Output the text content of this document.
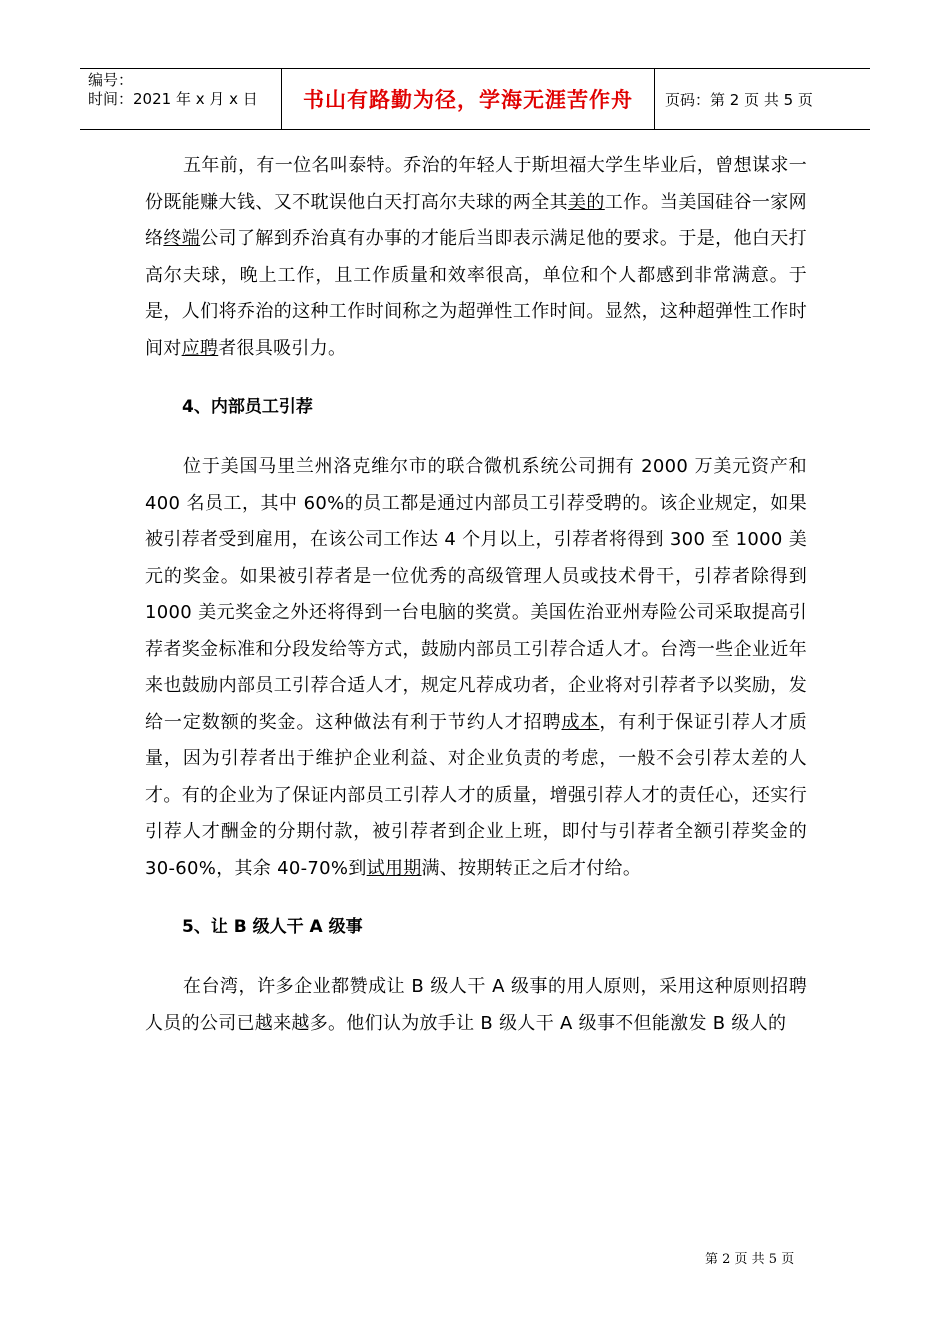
编号：
时间：2021 年 x 月 x 日	书山有路勤为径，学海无涯苦作舟	页码：第 2 页 共 5 页

五年前，有一位名叫泰特。乔治的年轻人于斯坦福大学生毕业后，曾想谋求一份既能赚大钱、又不耽误他白天打高尔夫球的两全其美的工作。当美国硅谷一家网络终端公司了解到乔治真有办事的才能后当即表示满足他的要求。于是，他白天打高尔夫球，晚上工作，且工作质量和效率很高，单位和个人都感到非常满意。于是，人们将乔治的这种工作时间称之为超弹性工作时间。显然，这种超弹性工作时间对应聘者很具吸引力。

4、内部员工引荐

位于美国马里兰州洛克维尔市的联合微机系统公司拥有 2000 万美元资产和 400 名员工，其中 60%的员工都是通过内部员工引荐受聘的。该企业规定，如果被引荐者受到雇用，在该公司工作达 4 个月以上，引荐者将得到 300 至 1000 美元的奖金。如果被引荐者是一位优秀的高级管理人员或技术骨干，引荐者除得到 1000 美元奖金之外还将得到一台电脑的奖赏。美国佐治亚州寿险公司采取提高引荐者奖金标准和分段发给等方式，鼓励内部员工引荐合适人才。台湾一些企业近年来也鼓励内部员工引荐合适人才，规定凡荐成功者，企业将对引荐者予以奖励，发给一定数额的奖金。这种做法有利于节约人才招聘成本，有利于保证引荐人才质量，因为引荐者出于维护企业利益、对企业负责的考虑，一般不会引荐太差的人才。有的企业为了保证内部员工引荐人才的质量，增强引荐人才的责任心，还实行引荐人才酬金的分期付款，被引荐者到企业上班，即付与引荐者全额引荐奖金的 30-60%，其余 40-70%到试用期满、按期转正之后才付给。

5、让 B 级人干 A 级事

在台湾，许多企业都赞成让 B 级人干 A 级事的用人原则，采用这种原则招聘人员的公司已越来越多。他们认为放手让 B 级人干 A 级事不但能激发 B 级人的

第 2 页 共 5 页
